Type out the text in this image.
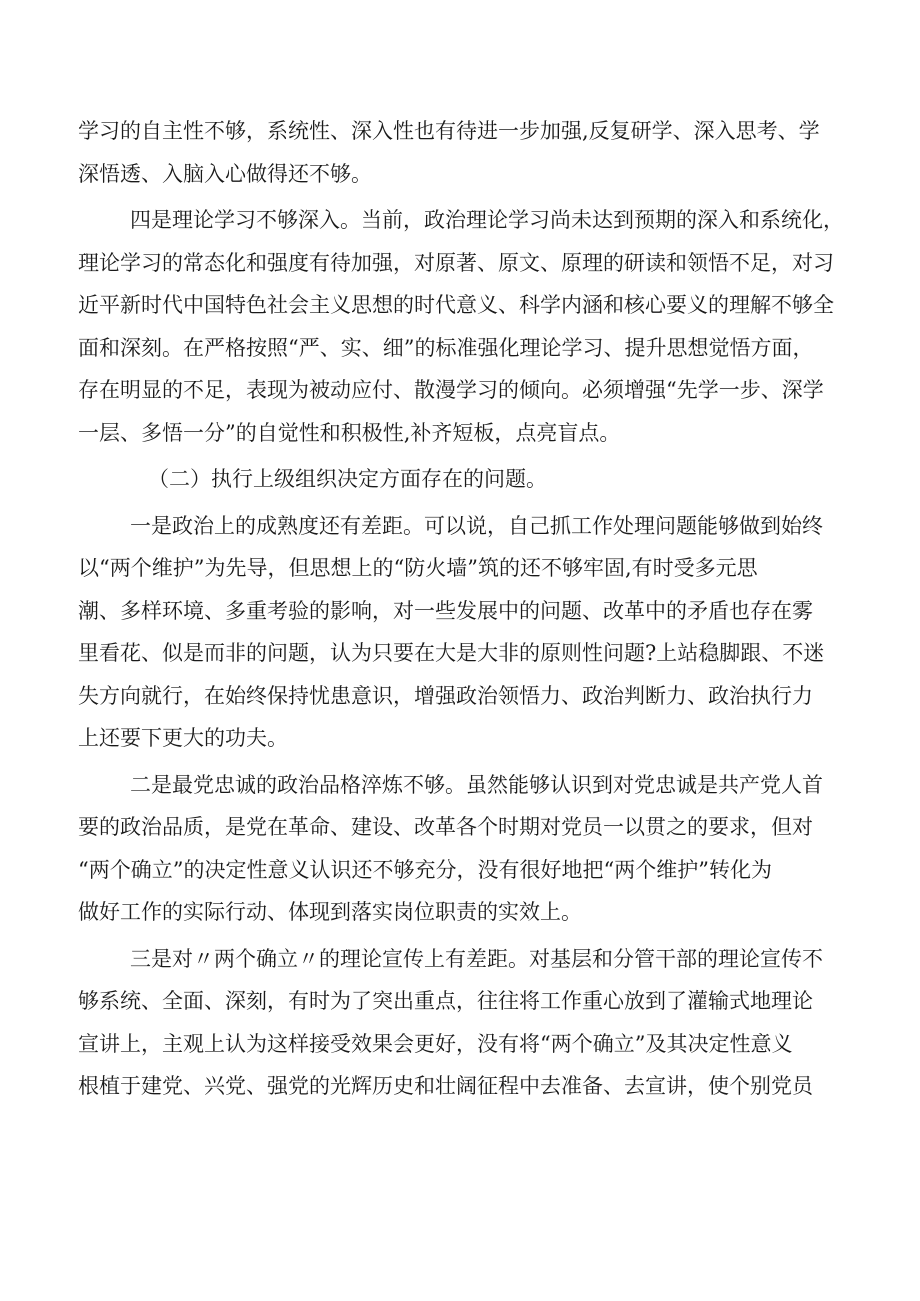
学习的自主性不够，系统性、深入性也有待进一步加强,反复研学、深入思考、学
深悟透、入脑入心做得还不够。
四是理论学习不够深入。当前，政治理论学习尚未达到预期的深入和系统化，
理论学习的常态化和强度有待加强，对原著、原文、原理的研读和领悟不足，对习
近平新时代中国特色社会主义思想的时代意义、科学内涵和核心要义的理解不够全
面和深刻。在严格按照“严、实、细”的标准强化理论学习、提升思想觉悟方面，
存在明显的不足，表现为被动应付、散漫学习的倾向。必须增强“先学一步、深学
一层、多悟一分”的自觉性和积极性,补齐短板，点亮盲点。
（二）执行上级组织决定方面存在的问题。
一是政治上的成熟度还有差距。可以说，自己抓工作处理问题能够做到始终
以“两个维护”为先导，但思想上的“防火墙”筑的还不够牢固,有时受多元思
潮、多样环境、多重考验的影响，对一些发展中的问题、改革中的矛盾也存在雾
里看花、似是而非的问题，认为只要在大是大非的原则性问题?上站稳脚跟、不迷
失方向就行，在始终保持忧患意识，增强政治领悟力、政治判断力、政治执行力
上还要下更大的功夫。
二是最党忠诚的政治品格淬炼不够。虽然能够认识到对党忠诚是共产党人首
要的政治品质，是党在革命、建设、改革各个时期对党员一以贯之的要求，但对
“两个确立”的决定性意义认识还不够充分，没有很好地把“两个维护”转化为
做好工作的实际行动、体现到落实岗位职责的实效上。
三是对〃两个确立〃的理论宣传上有差距。对基层和分管干部的理论宣传不
够系统、全面、深刻，有时为了突出重点，往往将工作重心放到了灌输式地理论
宣讲上，主观上认为这样接受效果会更好，没有将“两个确立”及其决定性意义
根植于建党、兴党、强党的光辉历史和壮阔征程中去准备、去宣讲，使个别党员
